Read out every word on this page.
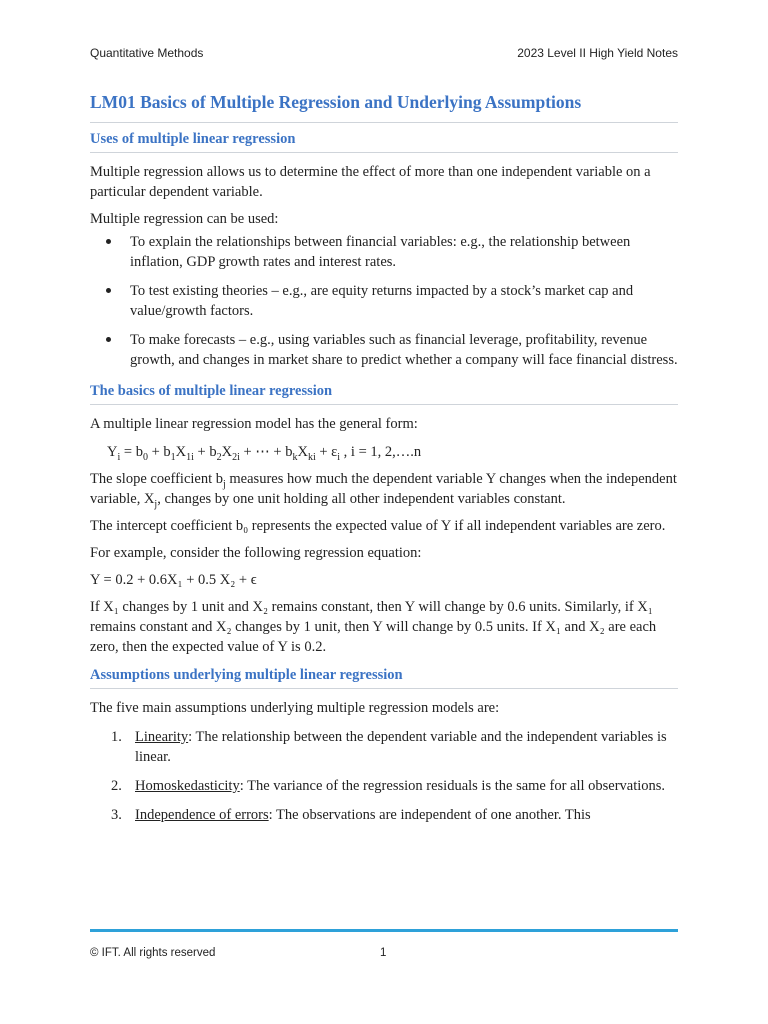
Quantitative Methods	2023 Level II High Yield Notes
LM01 Basics of Multiple Regression and Underlying Assumptions
Uses of multiple linear regression

Multiple regression allows us to determine the effect of more than one independent variable on a particular dependent variable.

Multiple regression can be used:

To explain the relationships between financial variables: e.g., the relationship between inflation, GDP growth rates and interest rates.
To test existing theories – e.g., are equity returns impacted by a stock’s market cap and value/growth factors.
To make forecasts – e.g., using variables such as financial leverage, profitability, revenue growth, and changes in market share to predict whether a company will face financial distress.
The basics of multiple linear regression

A multiple linear regression model has the general form:

$Y_i = b_0 + b_1X_{1i} + b_2X_{2i}$ + ⋯ + $b_kX_{ki} + \varepsilon_i$ , i = 1, 2,….n

The slope coefficient $b_j$ measures how much the dependent variable Y changes when the independent variable, $X_j$, changes by one unit holding all other independent variables constant.

The intercept coefficient b₀ represents the expected value of Y if all independent variables are zero.

For example, consider the following regression equation:

Y = 0.2 + 0.6X₁ + 0.5 X₂ + ϵ

If X₁ changes by 1 unit and X₂ remains constant, then Y will change by 0.6 units. Similarly, if X₁ remains constant and X₂ changes by 1 unit, then Y will change by 0.5 units. If X₁ and X₂ are each zero, then the expected value of Y is 0.2.

Assumptions underlying multiple linear regression

The five main assumptions underlying multiple regression models are:

1. Linearity: The relationship between the dependent variable and the independent variables is linear.
2. Homoskedasticity: The variance of the regression residuals is the same for all observations.
3. Independence of errors: The observations are independent of one another. This
© IFT. All rights reserved	1
